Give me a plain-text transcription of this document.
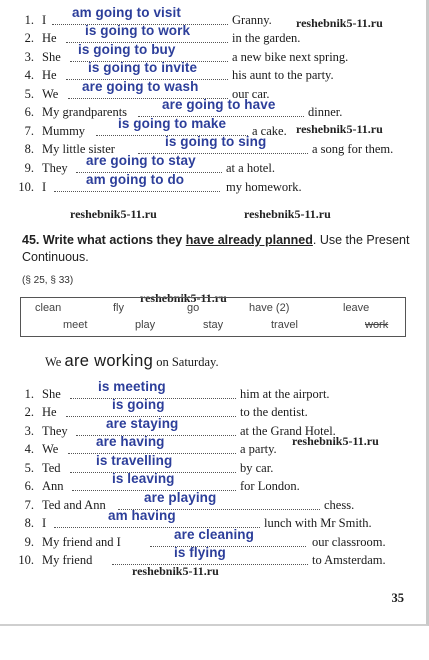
1. I am going to visit	Granny.
2. He is going to work	in the garden.
3. She is going to buy	a new bike next spring.
4. He is going to invite	his aunt to the party.
5. We are going to wash	our car.
6. My grandparents	are going to have	dinner.
7. Mummy is going to make a cake.
8. My little sister	is going to sing	a song for them.
9. They are going to stay at a hotel.
10. I	am going to do	my homework.
reshebnik5-11.ru
reshebnik5-11.ru
reshebnik5-11.ru	reshebnik5-11.ru
reshebnik5-11.ru
reshebnik5-11.ru
reshebnik5-11.ru
45. Write what actions they have already planned. Use the Present Continuous.
(§ 25, § 33)
clean	fly	go	have (2)	leave
meet	play	stay	travel	work
We are working on Saturday.
1. She	is meeting	him at the airport.
2. He	is going	to the dentist.
3. They	are staying	at the Grand Hotel.
4. We	are having	a party.
5. Ted	is travelling	by car.
6. Ann	is leaving	for London.
7. Ted and Ann	are playing	chess.
8. I	am having	lunch with Mr Smith.
9. My friend and I	are cleaning	our classroom.
10. My friend	is flying	to Amsterdam.
35
